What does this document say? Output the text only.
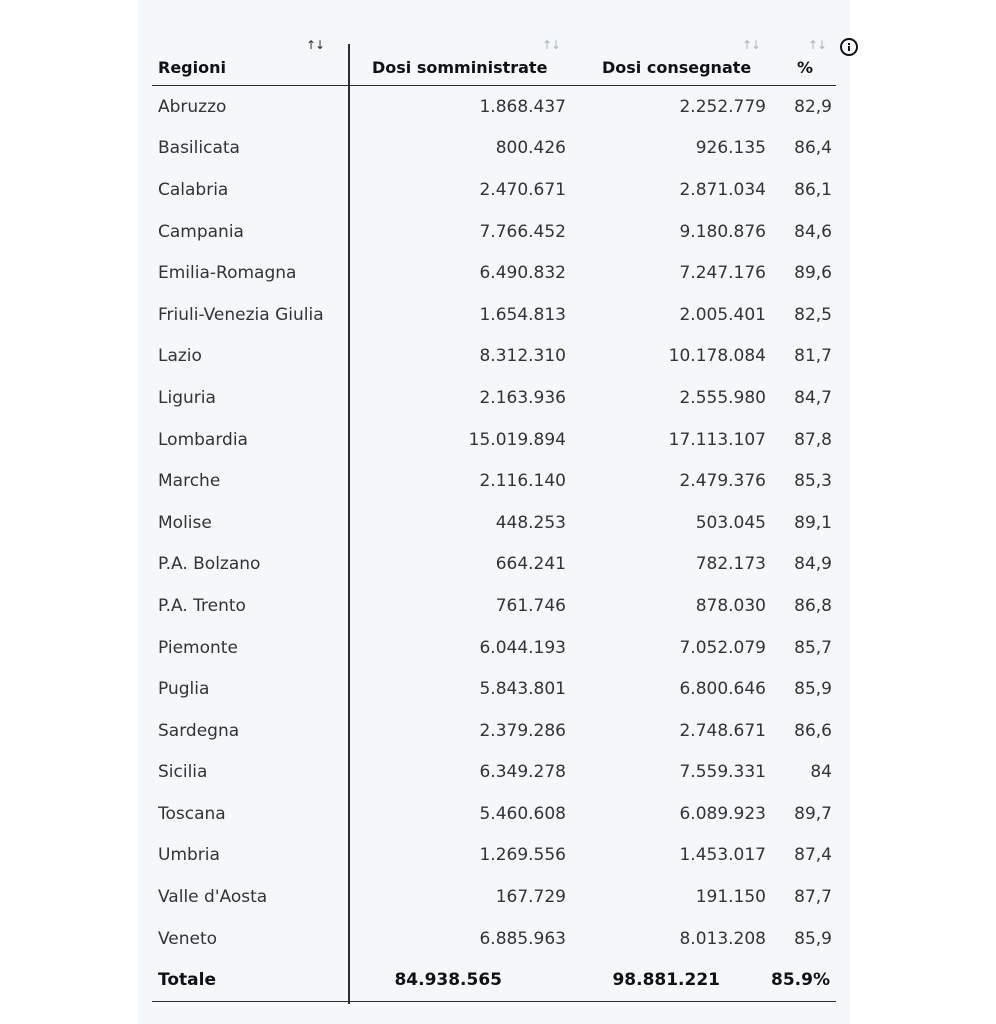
↑↓	↑↓	↑↓	↑↓
Regioni	Dosi somministrate	Dosi consegnate	%
Abruzzo	1.868.437	2.252.779 82,9
Basilicata	800.426	926.135 86,4
Calabria	2.470.671	2.871.034 86,1
Campania	7.766.452	9.180.876 84,6
Emilia-Romagna	6.490.832	7.247.176 89,6
Friuli-Venezia Giulia	1.654.813	2.005.401 82,5
Lazio	8.312.310	10.178.084 81,7
Liguria	2.163.936	2.555.980 84,7
Lombardia	15.019.894	17.113.107 87,8
Marche	2.116.140	2.479.376 85,3
Molise	448.253	503.045 89,1
P.A. Bolzano	664.241	782.173 84,9
P.A. Trento	761.746	878.030 86,8
Piemonte	6.044.193	7.052.079 85,7
Puglia	5.843.801	6.800.646 85,9
Sardegna	2.379.286	2.748.671 86,6
Sicilia	6.349.278	7.559.331	84
Toscana	5.460.608	6.089.923 89,7
Umbria	1.269.556	1.453.017 87,4
Valle d'Aosta	167.729	191.150 87,7
Veneto	6.885.963	8.013.208 85,9
Totale	84.938.565	98.881.221	85.9%
